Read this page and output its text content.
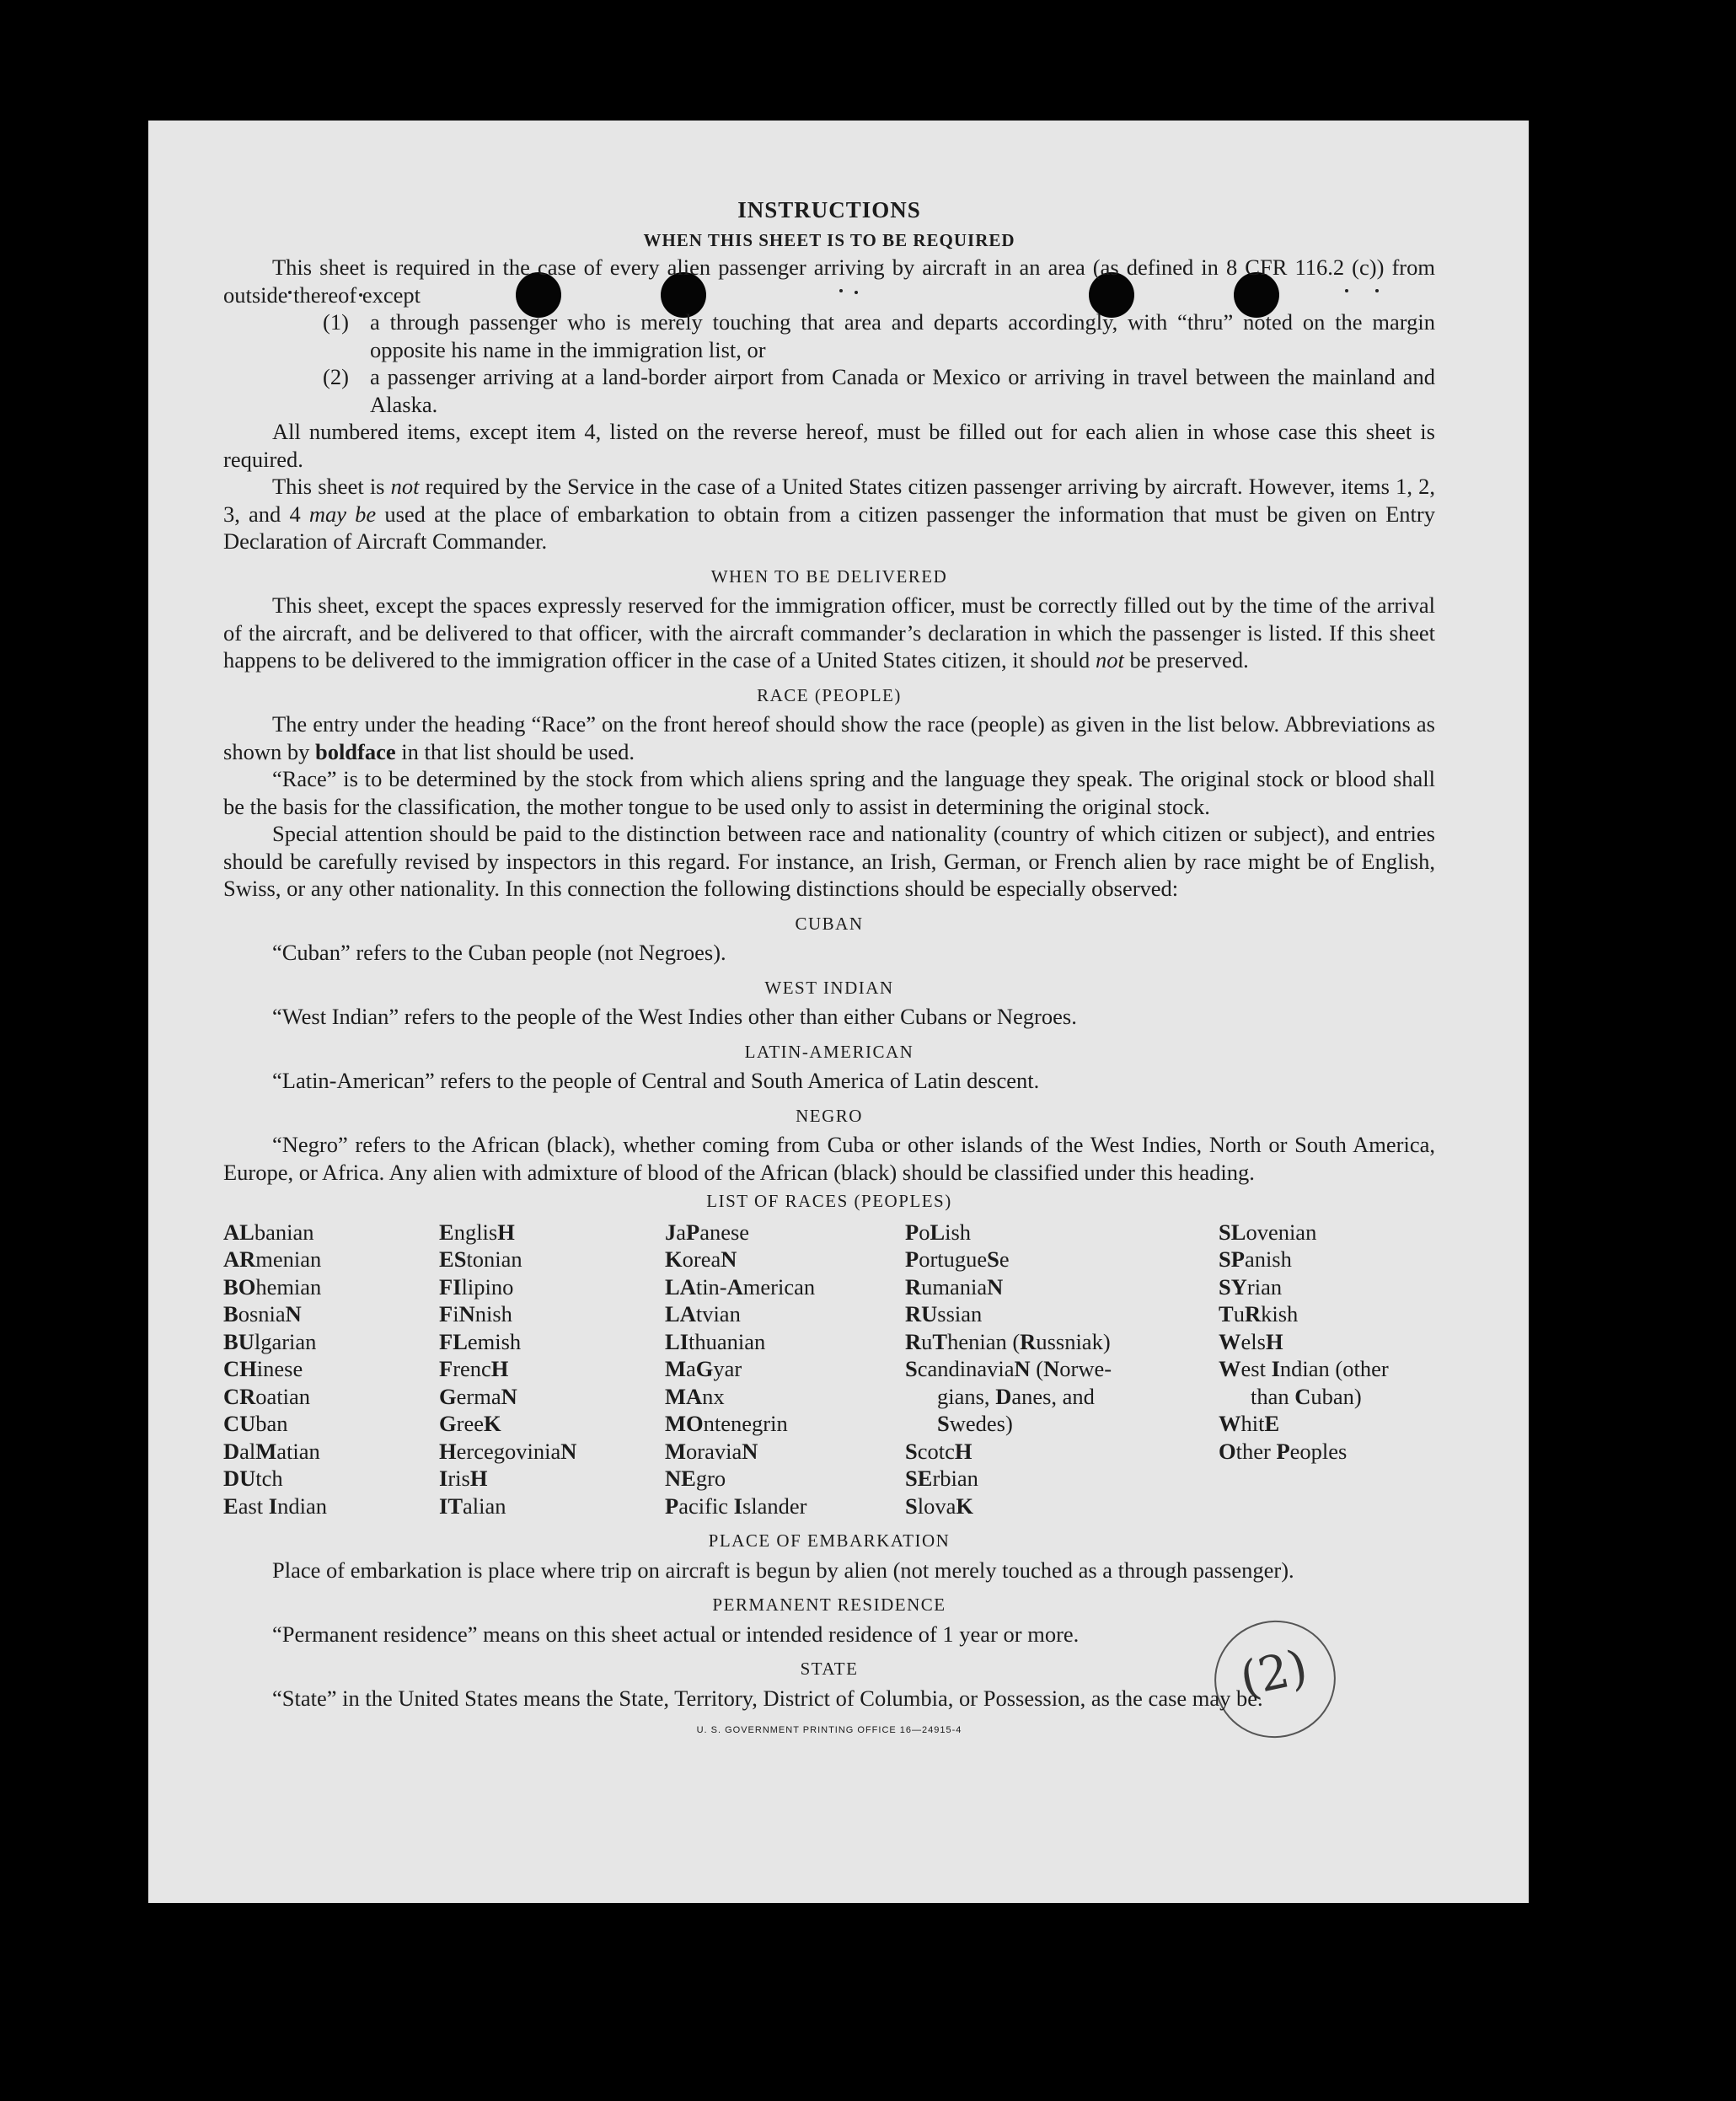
(2)
INSTRUCTIONS
WHEN THIS SHEET IS TO BE REQUIRED

This sheet is required in the case of every alien passenger arriving by aircraft in an area (as defined in 8 CFR 116.2 (c)) from outside thereof except

(1) a through passenger who is merely touching that area and departs accordingly, with “thru” noted on the margin opposite his name in the immigration list, or
(2) a passenger arriving at a land-border airport from Canada or Mexico or arriving in travel between the mainland and Alaska.

All numbered items, except item 4, listed on the reverse hereof, must be filled out for each alien in whose case this sheet is required.

This sheet is not required by the Service in the case of a United States citizen passenger arriving by aircraft. However, items 1, 2, 3, and 4 may be used at the place of embarkation to obtain from a citizen passenger the information that must be given on Entry Declaration of Aircraft Commander.

WHEN TO BE DELIVERED

This sheet, except the spaces expressly reserved for the immigration officer, must be correctly filled out by the time of the arrival of the aircraft, and be delivered to that officer, with the aircraft commander’s declaration in which the passenger is listed. If this sheet happens to be delivered to the immigration officer in the case of a United States citizen, it should not be preserved.

RACE (PEOPLE)

The entry under the heading “Race” on the front hereof should show the race (people) as given in the list below. Abbreviations as shown by boldface in that list should be used.

“Race” is to be determined by the stock from which aliens spring and the language they speak. The original stock or blood shall be the basis for the classification, the mother tongue to be used only to assist in determining the original stock.

Special attention should be paid to the distinction between race and nationality (country of which citizen or subject), and entries should be carefully revised by inspectors in this regard. For instance, an Irish, German, or French alien by race might be of English, Swiss, or any other nationality. In this connection the following distinctions should be especially observed:

CUBAN

“Cuban” refers to the Cuban people (not Negroes).

WEST INDIAN

“West Indian” refers to the people of the West Indies other than either Cubans or Negroes.

LATIN-AMERICAN

“Latin-American” refers to the people of Central and South America of Latin descent.

NEGRO

“Negro” refers to the African (black), whether coming from Cuba or other islands of the West Indies, North or South America, Europe, or Africa. Any alien with admixture of blood of the African (black) should be classified under this heading.

LIST OF RACES (PEOPLES)
ALbanian
ARmenian
BOhemian
BosniaN
BUlgarian
CHinese
CRoatian
CUban
DalMatian
DUtch
East Indian
EnglisH
EStonian
FIlipino
FiNnish
FLemish
FrencH
GermaN
GreeK
HercegoviniaN
IrisH
ITalian
JaPanese
KoreaN
LAtin-American
LAtvian
LIthuanian
MaGyar
MAnx
MOntenegrin
MoraviaN
NEgro
Pacific Islander
PoLish
PortugueSe
RumaniaN
RUssian
RuThenian (Russniak)
ScandinaviaN (Norwe-
gians, Danes, and
Swedes)
ScotcH
SErbian
SlovaK
SLovenian
SPanish
SYrian
TuRkish
WelsH
West Indian (other
than Cuban)
WhitE
Other Peoples
PLACE OF EMBARKATION

Place of embarkation is place where trip on aircraft is begun by alien (not merely touched as a through passenger).

PERMANENT RESIDENCE

“Permanent residence” means on this sheet actual or intended residence of 1 year or more.

STATE

“State” in the United States means the State, Territory, District of Columbia, or Possession, as the case may be.

U. S. GOVERNMENT PRINTING OFFICE 16—24915-4
